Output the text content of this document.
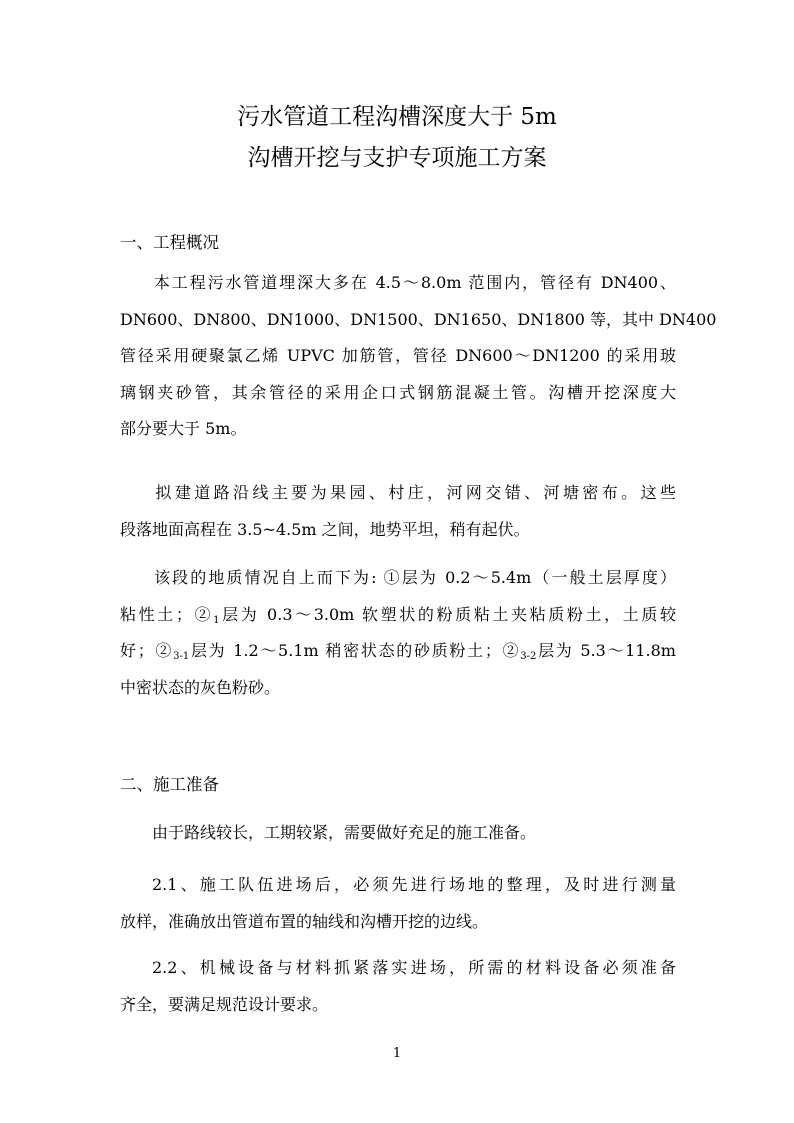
污水管道工程沟槽深度大于 5m
沟槽开挖与支护专项施工方案
一、工程概况
本工程污水管道埋深大多在 4.5～8.0m 范围内，管径有 DN400、
DN600、DN800、DN1000、DN1500、DN1650、DN1800 等，其中 DN400
管径采用硬聚氯乙烯 UPVC 加筋管，管径 DN600～DN1200 的采用玻
璃钢夹砂管，其余管径的采用企口式钢筋混凝土管。沟槽开挖深度大
部分要大于 5m。
拟建道路沿线主要为果园、村庄，河网交错、河塘密布。这些
段落地面高程在 3.5~4.5m 之间，地势平坦，稍有起伏。
该段的地质情况自上而下为: ①层为 0.2～5.4m（一般土层厚度）
粘性土；$②_1$层为 0.3～3.0m 软塑状的粉质粘土夹粘质粉土，土质较
好；$②_{3-1}$层为 1.2～5.1m 稍密状态的砂质粉土；$②_{3-2}$层为 5.3～11.8m
中密状态的灰色粉砂。
二、施工准备
由于路线较长，工期较紧，需要做好充足的施工准备。
2.1、施工队伍进场后，必须先进行场地的整理，及时进行测量
放样，准确放出管道布置的轴线和沟槽开挖的边线。
2.2、机械设备与材料抓紧落实进场，所需的材料设备必须准备
齐全，要满足规范设计要求。
1
